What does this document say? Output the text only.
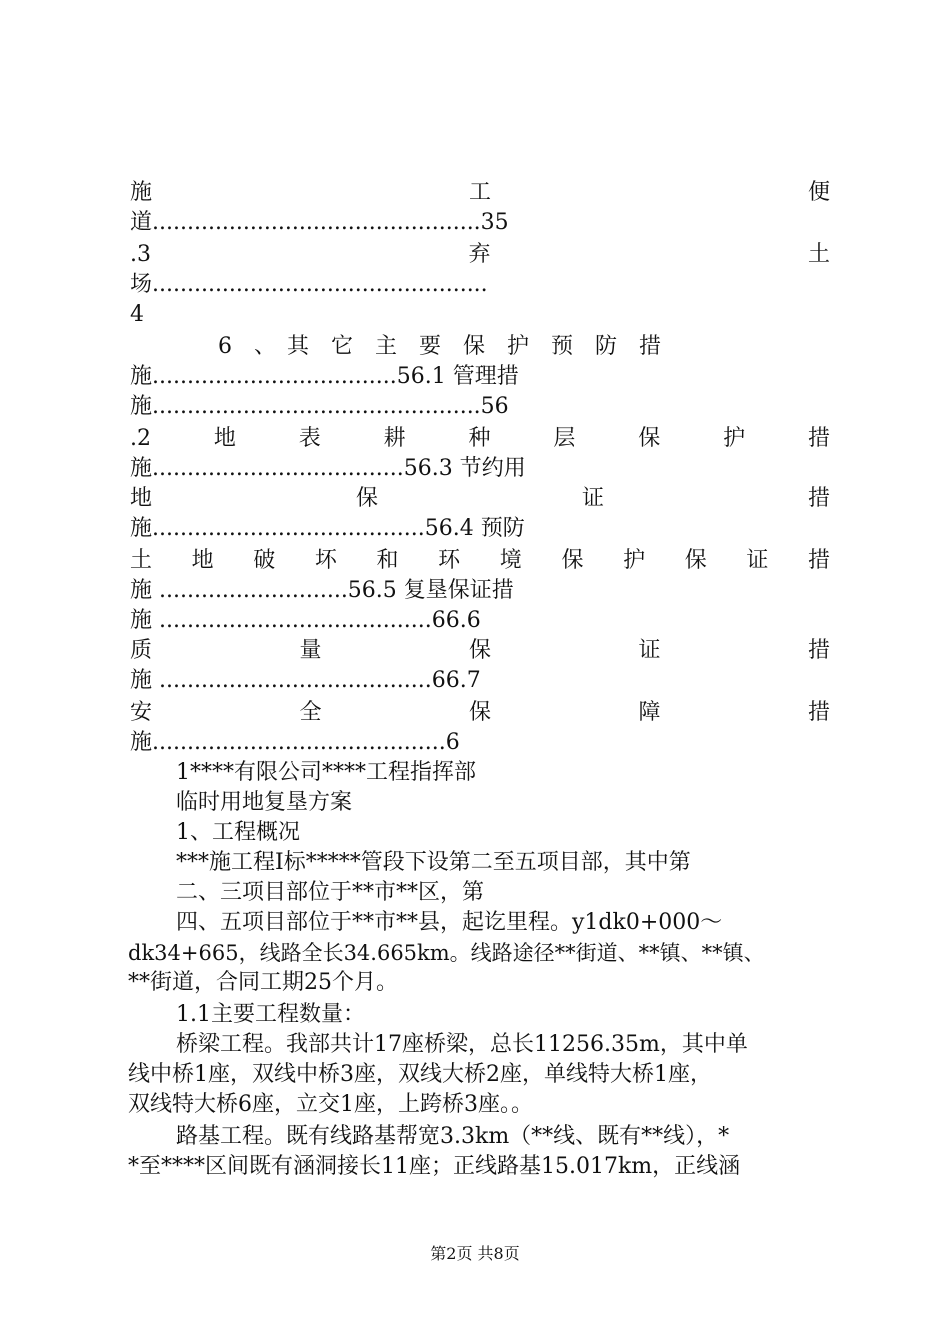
施　　　　　　　　工　　　　　　　　便
道...............................................35
.3　　　　　　　　弃　　　　　　　　土
场................................................
4
　　　　6　、　其　它　主　要　保　护　预　防　措
施...................................56.1 管理措
施...............................................56
.2　地　表　耕　种　层　保　护　措
施....................................56.3 节约用
地　　　　　保　　　　　证　　　　　措
施.......................................56.4 预防
土　地　破　坏　和　环　境　保　护　保　证　措
施 ...........................56.5 复垦保证措
施 .......................................66.6
质　　　　量　　　　保　　　　证　　　　措
施 .......................................66.7
安　　　　全　　　　保　　　　障　　　　措
施..........................................6
1****有限公司****工程指挥部
临时用地复垦方案
1、工程概况
***施工程Ⅰ标*****管段下设第二至五项目部，其中第
二、三项目部位于**市**区，第
四、五项目部位于**市**县，起讫里程。y1dk0+000～
dk34+665，线路全长34.665km。线路途径**街道、**镇、**镇、
**街道，合同工期25个月。
1.1主要工程数量：
桥梁工程。我部共计17座桥梁，总长11256.35m，其中单
线中桥1座，双线中桥3座，双线大桥2座，单线特大桥1座，
双线特大桥6座，立交1座，上跨桥3座。。
路基工程。既有线路基帮宽3.3km（**线、既有**线），*
*至****区间既有涵洞接长11座；正线路基15.017km，正线涵
第2页 共8页
